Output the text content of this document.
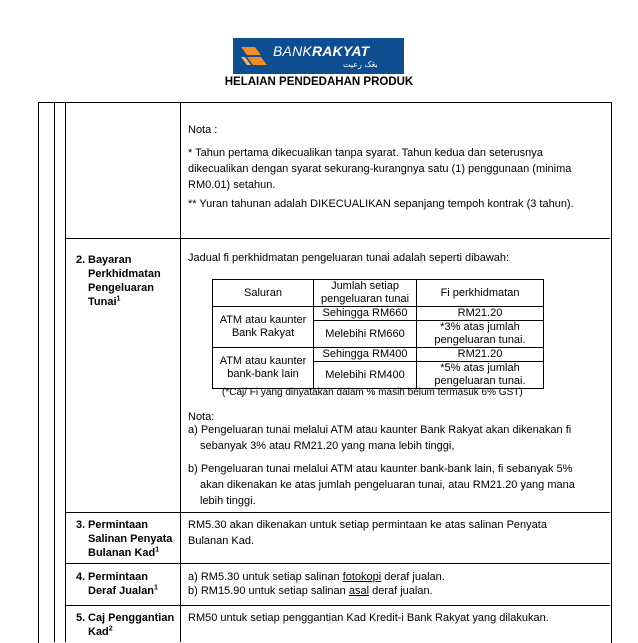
BANKRAKYAT
بڠک رعيت
HELAIAN PENDEDAHAN PRODUK
Nota :
* Tahun pertama dikecualikan tanpa syarat. Tahun kedua dan seterusnya dikecualikan dengan syarat sekurang-kurangnya satu (1) penggunaan (minima RM0.01) setahun.
** Yuran tahunan adalah DIKECUALIKAN sepanjang tempoh kontrak (3 tahun).
2. Bayaran
Perkhidmatan
Pengeluaran
Tunai$^1$
Jadual fi perkhidmatan pengeluaran tunai adalah seperti dibawah:
Saluran	Jumlah setiap pengeluaran tunai	Fi perkhidmatan
ATM atau kaunter Bank Rakyat	Sehingga RM660	RM21.20
	Melebihi RM660	*3% atas jumlah pengeluaran tunai.
ATM atau kaunter bank-bank lain	Sehingga RM400	RM21.20
	Melebihi RM400	*5% atas jumlah pengeluaran tunai.
(*Caj/ Fi yang dinyatakan dalam % masih belum termasuk 6% GST)
Nota:
a) Pengeluaran tunai melalui ATM atau kaunter Bank Rakyat akan dikenakan fi sebanyak 3% atau RM21.20 yang mana lebih tinggi,
b) Pengeluaran tunai melalui ATM atau kaunter bank-bank lain, fi sebanyak 5% akan dikenakan ke atas jumlah pengeluaran tunai, atau RM21.20 yang mana lebih tinggi.
3. Permintaan
Salinan Penyata
Bulanan Kad$^1$
RM5.30 akan dikenakan untuk setiap permintaan ke atas salinan Penyata Bulanan Kad.
4. Permintaan
Deraf Jualan$^1$
a) RM5.30 untuk setiap salinan fotokopi deraf jualan.
b) RM15.90 untuk setiap salinan asal deraf jualan.
5. Caj Penggantian
Kad$^2$
RM50 untuk setiap penggantian Kad Kredit-i Bank Rakyat yang dilakukan.
